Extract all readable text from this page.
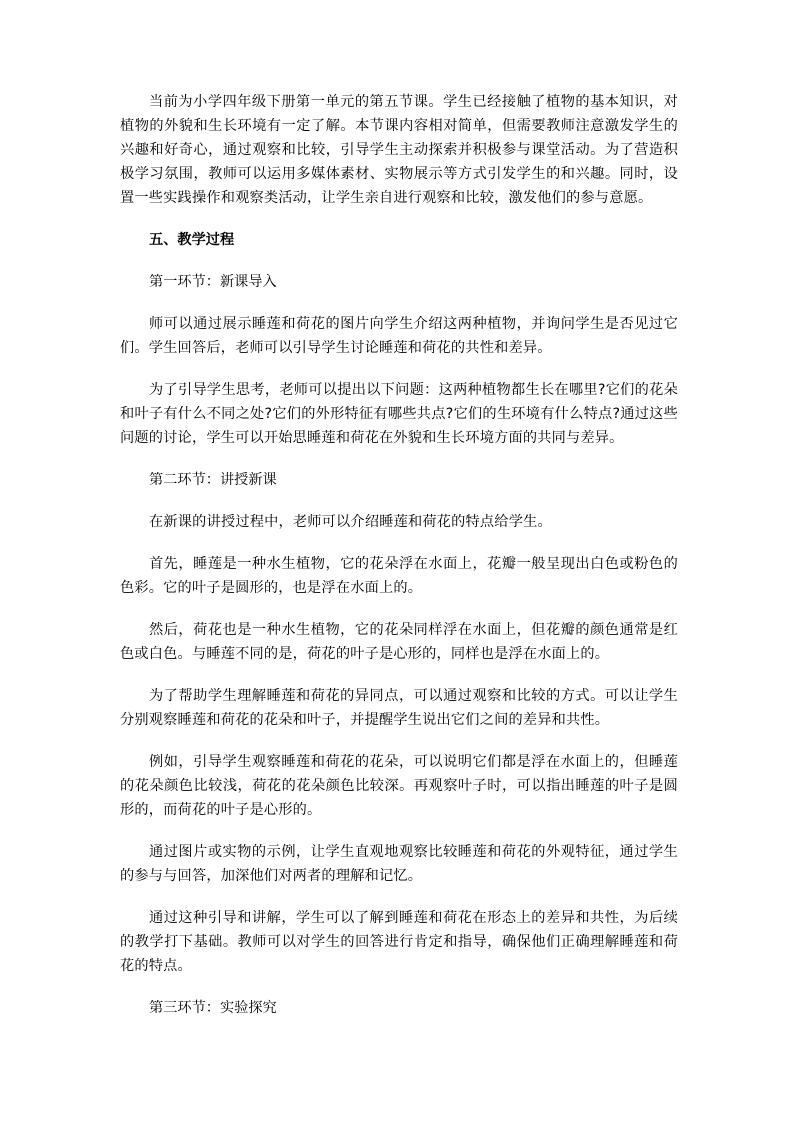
当前为小学四年级下册第一单元的第五节课。学生已经接触了植物的基本知识，对植物的外貌和生长环境有一定了解。本节课内容相对简单，但需要教师注意激发学生的兴趣和好奇心，通过观察和比较，引导学生主动探索并积极参与课堂活动。为了营造积极学习氛围，教师可以运用多媒体素材、实物展示等方式引发学生的和兴趣。同时，设置一些实践操作和观察类活动，让学生亲自进行观察和比较，激发他们的参与意愿。

五、教学过程

第一环节：新课导入

师可以通过展示睡莲和荷花的图片向学生介绍这两种植物，并询问学生是否见过它们。学生回答后，老师可以引导学生讨论睡莲和荷花的共性和差异。

为了引导学生思考，老师可以提出以下问题：这两种植物都生长在哪里?它们的花朵和叶子有什么不同之处?它们的外形特征有哪些共点?它们的生环境有什么特点?通过这些问题的讨论，学生可以开始思睡莲和荷花在外貌和生长环境方面的共同与差异。

第二环节：讲授新课

在新课的讲授过程中，老师可以介绍睡莲和荷花的特点给学生。

首先，睡莲是一种水生植物，它的花朵浮在水面上，花瓣一般呈现出白色或粉色的色彩。它的叶子是圆形的，也是浮在水面上的。

然后，荷花也是一种水生植物，它的花朵同样浮在水面上，但花瓣的颜色通常是红色或白色。与睡莲不同的是，荷花的叶子是心形的，同样也是浮在水面上的。

为了帮助学生理解睡莲和荷花的异同点，可以通过观察和比较的方式。可以让学生分别观察睡莲和荷花的花朵和叶子，并提醒学生说出它们之间的差异和共性。

例如，引导学生观察睡莲和荷花的花朵，可以说明它们都是浮在水面上的，但睡莲的花朵颜色比较浅，荷花的花朵颜色比较深。再观察叶子时，可以指出睡莲的叶子是圆形的，而荷花的叶子是心形的。

通过图片或实物的示例，让学生直观地观察比较睡莲和荷花的外观特征，通过学生的参与与回答，加深他们对两者的理解和记忆。

通过这种引导和讲解，学生可以了解到睡莲和荷花在形态上的差异和共性，为后续的教学打下基础。教师可以对学生的回答进行肯定和指导，确保他们正确理解睡莲和荷花的特点。

第三环节：实验探究
